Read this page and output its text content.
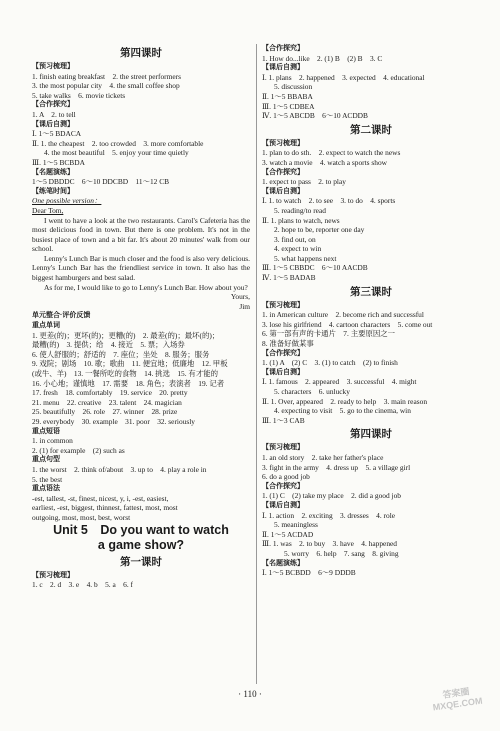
第四课时
【预习梳理】
1. finish eating breakfast　2. the street performers
3. the most popular city　4. the small coffee shop
5. take walks　6. movie tickets
【合作探究】
1. A　2. to tell
【课后自测】
Ⅰ. 1～5 BDACA
Ⅱ. 1. the cheapest　2. too crowded　3. more comfortable
4. the most beautiful　5. enjoy your time quietly
Ⅲ. 1～5 BCBDA
【名题演练】
1～5 DBDDC　6～10 DDCBD　11～12 CB
【练笔时间】
One possible version：
Dear Tom,
I went to have a look at the two restaurants. Carol's Cafeteria has the most delicious food in town. But there is one problem. It's not in the busiest place of town and a bit far. It's about 20 minutes' walk from our school.
Lenny's Lunch Bar is much closer and the food is also very delicious. Lenny's Lunch Bar has the friendliest service in town. It also has the biggest hamburgers and best salad.
As for me, I would like to go to Lenny's Lunch Bar. How about you?
Yours,
Jim
单元整合·评价反馈
重点单词
1. 更差(的)；更坏(的)；更糟(的)　2. 最差(的)；最坏(的)；
最糟(的)　3. 提供；给　4. 接近　5. 票；入场券
6. 使人舒服的；舒适的　7. 座位；坐处　8. 服务；服务
9. 戏院；剧场　10. 歌；歌曲　11. 便宜地；低廉地　12. 甲板
(或牛、羊)　13. 一餐所吃的食物　14. 挑选　15. 有才能的
16. 小心地；谨慎地　17. 需要　18. 角色；表演者　19. 记者
17. fresh　18. comfortably　19. service　20. pretty
21. menu　22. creative　23. talent　24. magician
25. beautifully　26. role　27. winner　28. prize
29. everybody　30. example　31. poor　32. seriously
重点短语
1. in common
2. (1) for example　(2) such as
重点句型
1. the worst　2. think of/about　3. up to　4. play a role in
5. the best
重点语法
-est, tallest, -st, finest, nicest, y, i, -est, easiest,
earliest, -est, biggest, thinnest, fattest, most, most
outgoing, most, most, best, worst
Unit 5　Do you want to watch
a game show?
第一课时
【预习梳理】
1. c　2. d　3. e　4. b　5. a　6. f
【合作探究】
1. How do...like　2. (1) B　(2) B　3. C
【课后自测】
Ⅰ. 1. plans　2. happened　3. expected　4. educational
5. discussion
Ⅱ. 1～5 BBABA
Ⅲ. 1～5 CDBEA
Ⅳ. 1～5 ABCDB　6～10 ACDDB
第二课时
【预习梳理】
1. plan to do sth.　2. expect to watch the news
3. watch a movie　4. watch a sports show
【合作探究】
1. expect to pass　2. to play
【课后自测】
Ⅰ. 1. to watch　2. to see　3. to do　4. sports
5. reading/to read
Ⅱ. 1. plans to watch, news
2. hope to be, reporter one day
3. find out, on
4. expect to win
5. what happens next
Ⅲ. 1～5 CBBDC　6～10 AACDB
Ⅳ. 1～5 BADAB
第三课时
【预习梳理】
1. in American culture　2. become rich and successful
3. lose his girlfriend　4. cartoon characters　5. come out
6. 第一部有声的卡通片　7. 主要原因之一
8. 准备好做某事
【合作探究】
1. (1) A　(2) C　3. (1) to catch　(2) to finish
【课后自测】
Ⅰ. 1. famous　2. appeared　3. successful　4. might
5. characters　6. unlucky
Ⅱ. 1. Over, appeared　2. ready to help　3. main reason
4. expecting to visit　5. go to the cinema, win
Ⅲ. 1～3 CAB
第四课时
【预习梳理】
1. an old story　2. take her father's place
3. fight in the army　4. dress up　5. a village girl
6. do a good job
【合作探究】
1. (1) C　(2) take my place　2. did a good job
【课后自测】
Ⅰ. 1. action　2. exciting　3. dresses　4. role
5. meaningless
Ⅱ. 1～5 ACDAD
Ⅲ. 1. was　2. to buy　3. have　4. happened
5. worry　6. help　7. sang　8. giving
【名题演练】
Ⅰ. 1～5 BCBDD　6～9 DDDB
· 110 ·	答案圈 MXQE.COM
